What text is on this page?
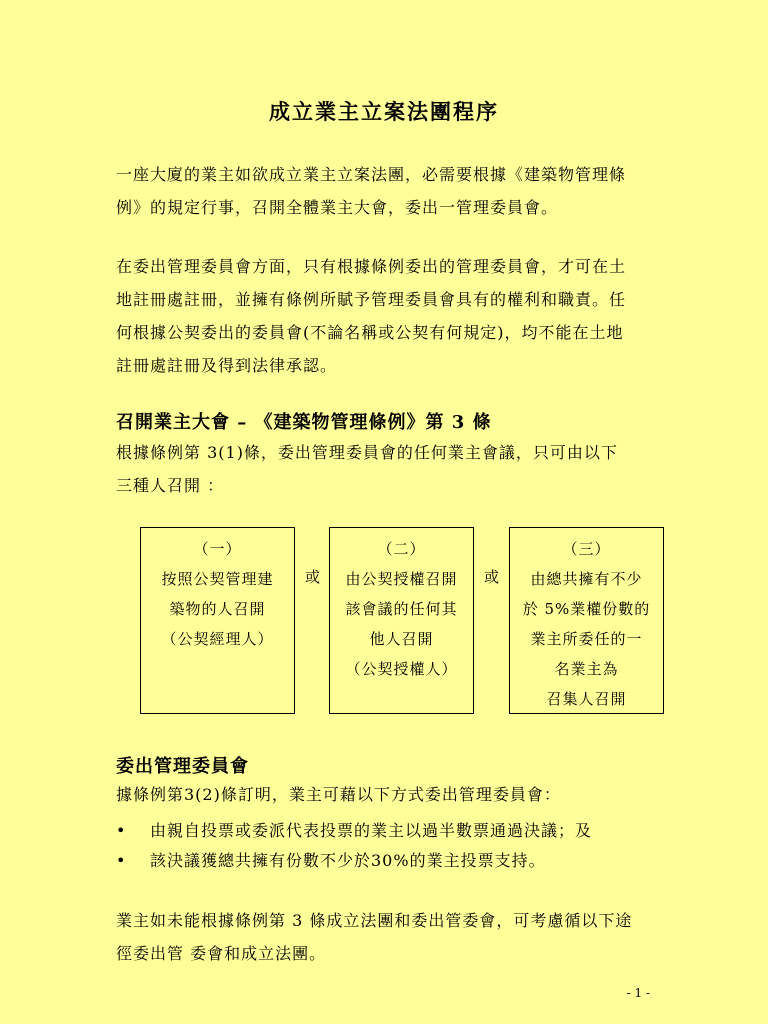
成立業主立案法團程序

一座大廈的業主如欲成立業主立案法團，必需要根據《建築物管理條
例》的規定行事，召開全體業主大會，委出一管理委員會。

在委出管理委員會方面，只有根據條例委出的管理委員會，才可在土
地註冊處註冊，並擁有條例所賦予管理委員會具有的權利和職責。任
何根據公契委出的委員會(不論名稱或公契有何規定)，均不能在土地
註冊處註冊及得到法律承認。

召開業主大會 – 《建築物管理條例》第 3 條

根據條例第 3(1)條，委出管理委員會的任何業主會議，只可由以下
三種人召開 ：

（一）
按照公契管理建
築物的人召開
（公契經理人）
或
（二）
由公契授權召開
該會議的任何其
他人召開
（公契授權人）
或
（三）
由總共擁有不少
於 5%業權份數的
業主所委任的一
名業主為
召集人召開
委出管理委員會

據條例第3(2)條訂明，業主可藉以下方式委出管理委員會：

• 由親自投票或委派代表投票的業主以過半數票通過決議；及
• 該決議獲總共擁有份數不少於30%的業主投票支持。

業主如未能根據條例第 3 條成立法團和委出管委會，可考慮循以下途
徑委出管 委會和成立法團。

- 1 -
